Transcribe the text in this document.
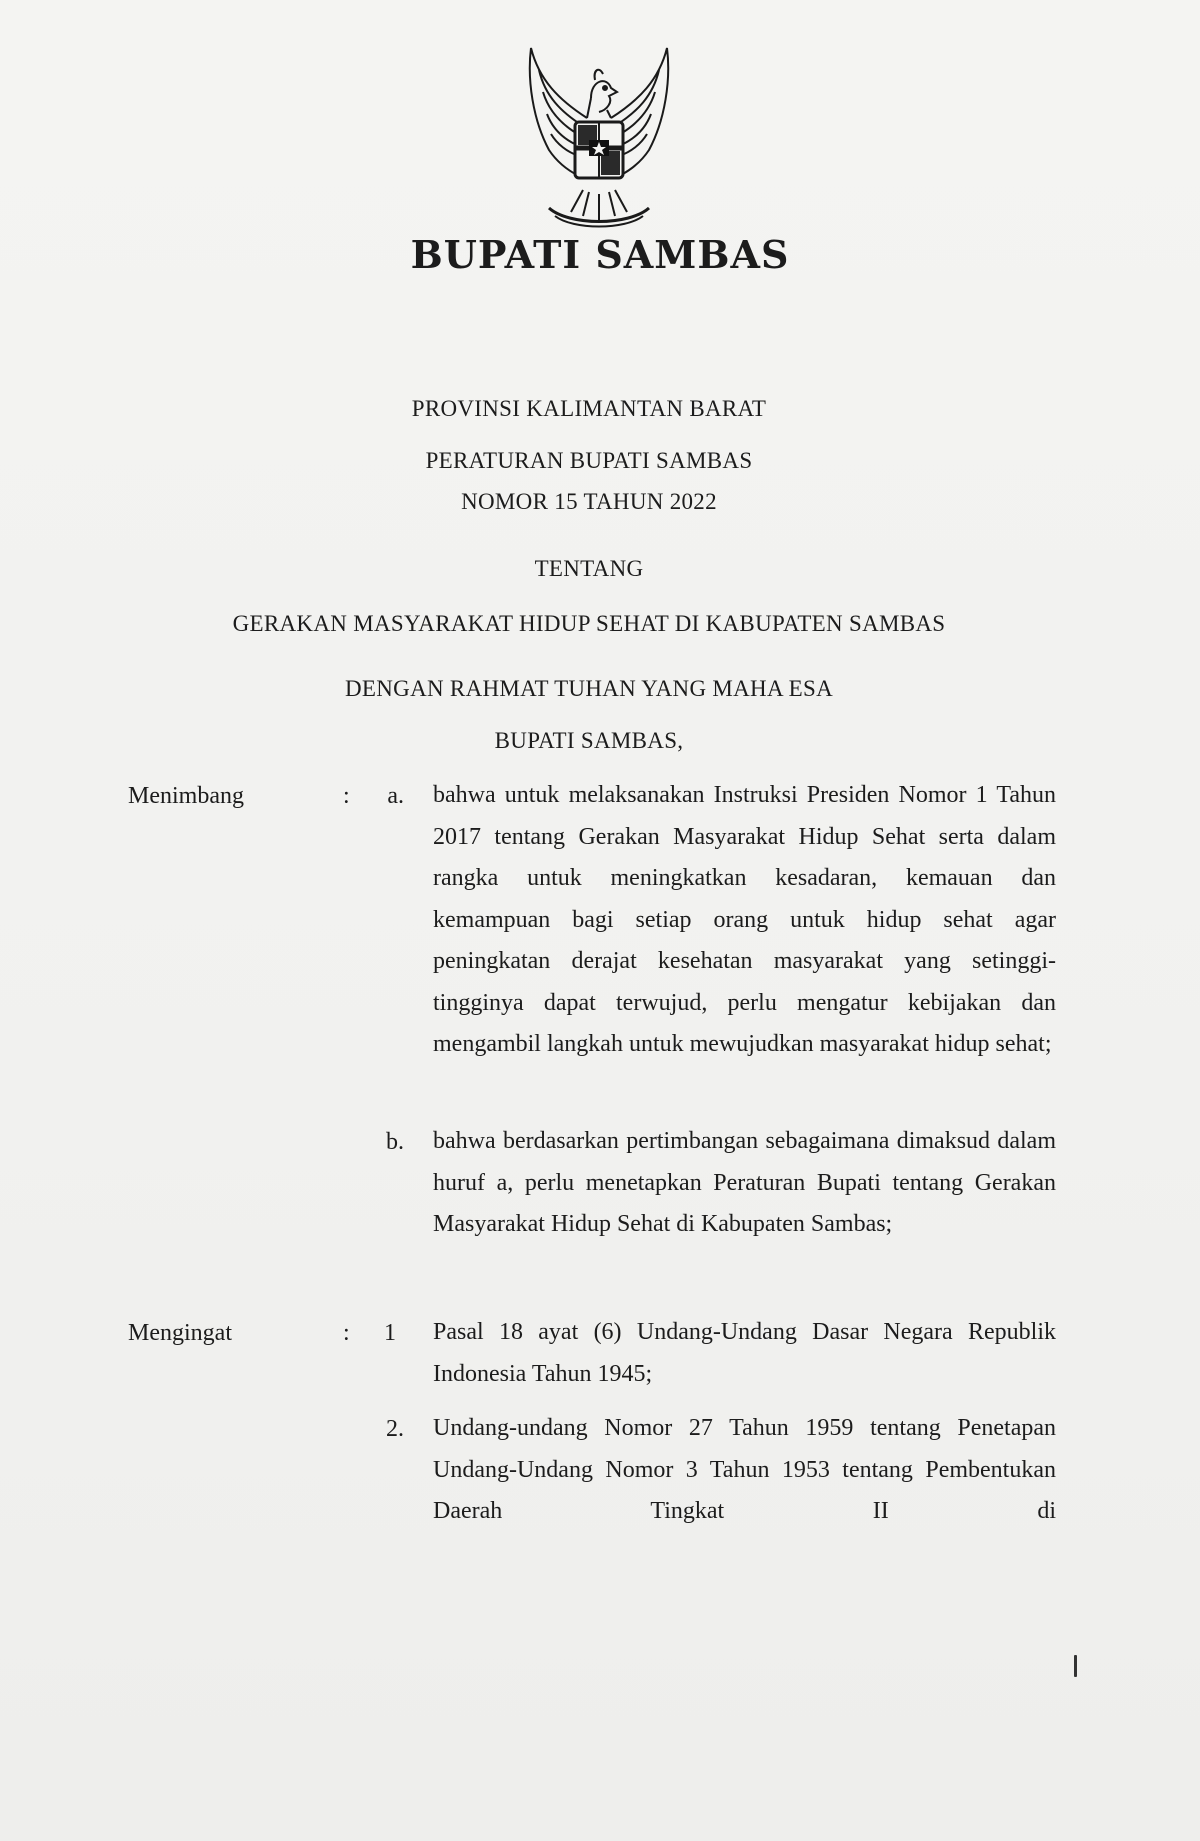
BUPATI SAMBAS
PROVINSI KALIMANTAN BARAT
PERATURAN BUPATI SAMBAS
NOMOR 15 TAHUN 2022
TENTANG
GERAKAN MASYARAKAT HIDUP SEHAT DI KABUPATEN SAMBAS
DENGAN RAHMAT TUHAN YANG MAHA ESA
BUPATI SAMBAS,
Menimbang	:	a. bahwa untuk melaksanakan Instruksi Presiden Nomor 1 Tahun 2017 tentang Gerakan Masyarakat Hidup Sehat serta dalam rangka untuk meningkatkan kesadaran, kemauan dan kemampuan bagi setiap orang untuk hidup sehat agar peningkatan derajat kesehatan masyarakat yang setinggi-tingginya dapat terwujud, perlu mengatur kebijakan dan mengambil langkah untuk mewujudkan masyarakat hidup sehat;
b. bahwa berdasarkan pertimbangan sebagaimana dimaksud dalam huruf a, perlu menetapkan Peraturan Bupati tentang Gerakan Masyarakat Hidup Sehat di Kabupaten Sambas;
Mengingat	:	1 Pasal 18 ayat (6) Undang-Undang Dasar Negara Republik Indonesia Tahun 1945;
2. Undang-undang Nomor 27 Tahun 1959 tentang Penetapan Undang-Undang Nomor 3 Tahun 1953 tentang Pembentukan Daerah Tingkat II di
